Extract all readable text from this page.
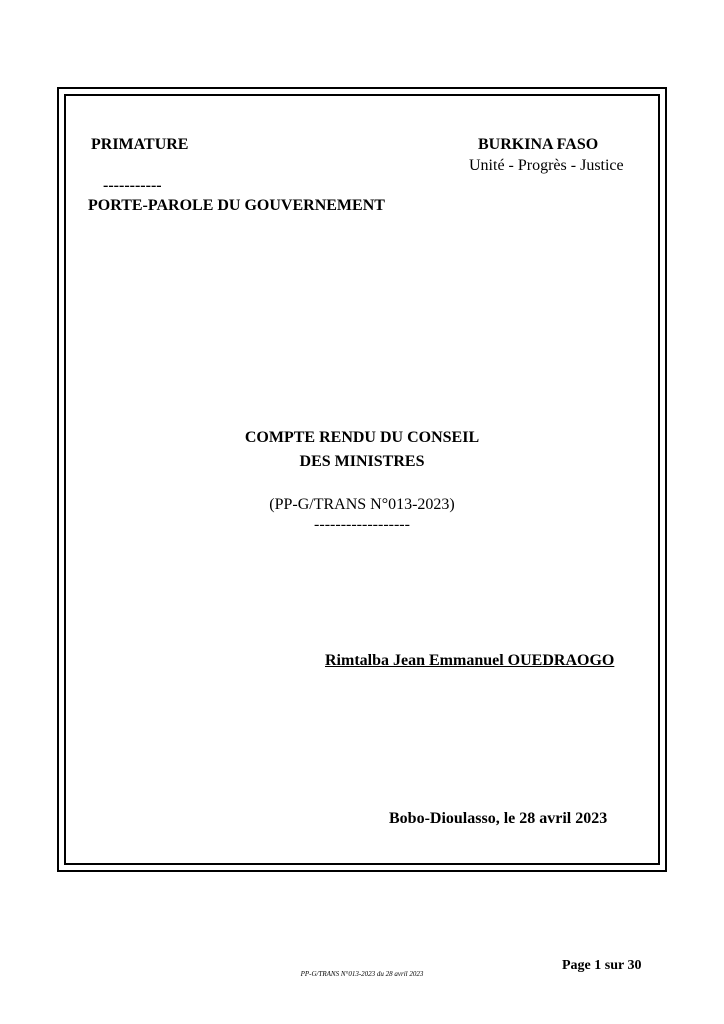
PRIMATURE	BURKINA FASO
Unité - Progrès - Justice
-----------
PORTE-PAROLE DU GOUVERNEMENT
COMPTE RENDU DU CONSEIL
DES MINISTRES
(PP-G/TRANS N°013-2023)
------------------
Rimtalba Jean Emmanuel OUEDRAOGO
Bobo-Dioulasso, le 28 avril 2023
Page 1 sur 30
PP-G/TRANS N°013-2023 du 28 avril 2023
